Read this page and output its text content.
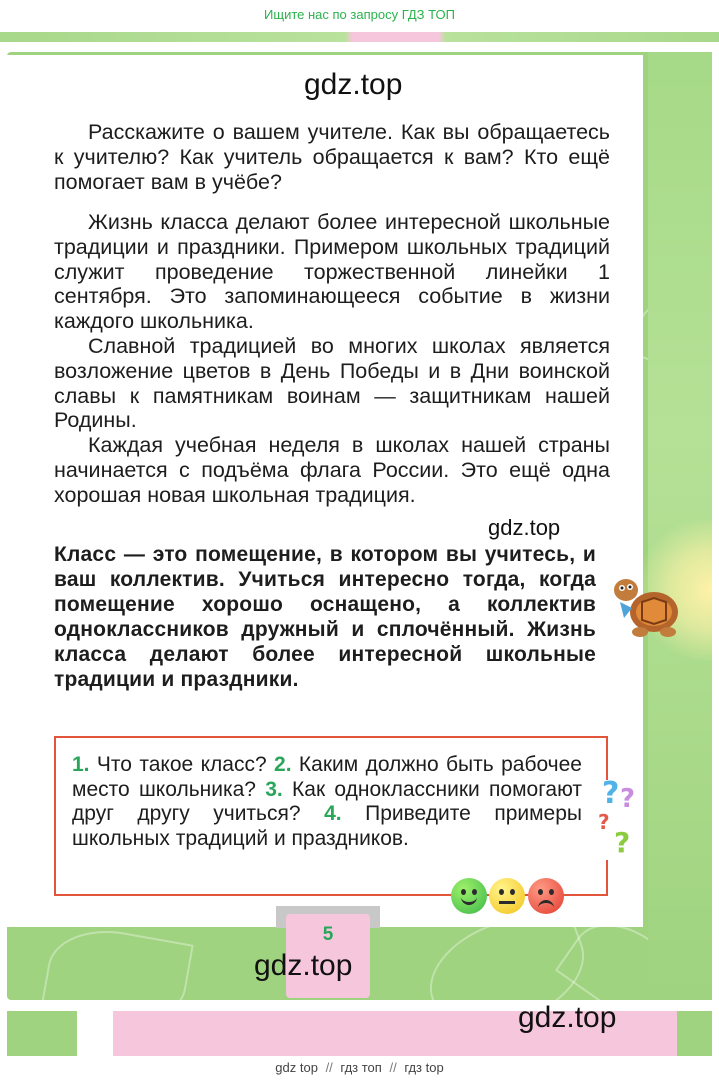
Ищите нас по запросу ГДЗ ТОП
gdz.top
Расскажите о вашем учителе. Как вы обращаетесь к учителю? Как учитель обращается к вам? Кто ещё помогает вам в учёбе?
Жизнь класса делают более интересной школьные традиции и праздники. Примером школьных традиций служит проведение торжественной линейки 1 сентября. Это запоминающееся событие в жизни каждого школьника.
Славной традицией во многих школах является возложение цветов в День Победы и в Дни воинской славы к памятникам воинам — защитникам нашей Родины.
Каждая учебная неделя в школах нашей страны начинается с подъёма флага России. Это ещё одна хорошая новая школьная традиция.
gdz.top
Класс — это помещение, в котором вы учитесь, и ваш коллектив. Учиться интересно тогда, когда помещение хорошо оснащено, а коллектив одноклассников дружный и сплочённый. Жизнь класса делают более интересной школьные традиции и праздники.
1. Что такое класс? 2. Каким должно быть рабочее место школьника? 3. Как одноклассники помогают друг другу учиться? 4. Приведите примеры школьных традиций и праздников.
? ?
?
?
5
gdz.top
gdz.top
gdz top // гдз топ // гдз top
